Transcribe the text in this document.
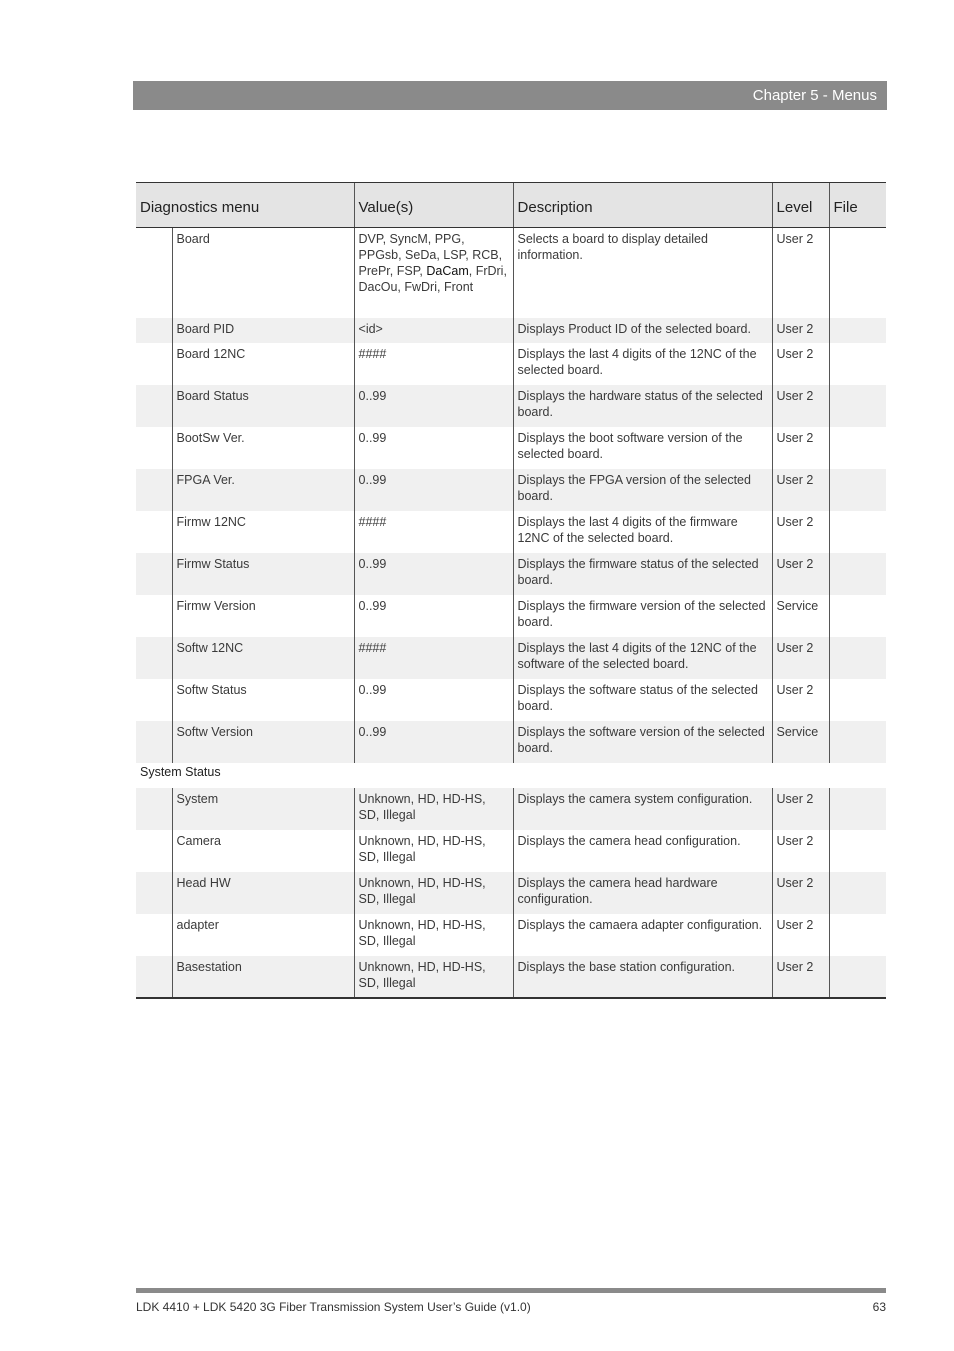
Chapter 5 - Menus
Diagnostics menu		Value(s)	Description	Level	File
	Board	DVP, SyncM, PPG, PPGsb, SeDa, LSP, RCB, PrePr, FSP, DaCam, FrDri, DacOu, FwDri, Front	Selects a board to display detailed information.	User 2	
	Board PID	<id>	Displays Product ID of the selected board.	User 2	
	Board 12NC	####	Displays the last 4 digits of the 12NC of the selected board.	User 2	
	Board Status	0..99	Displays the hardware status of the selected board.	User 2	
	BootSw Ver.	0..99	Displays the boot software version of the selected board.	User 2	
	FPGA Ver.	0..99	Displays the FPGA version of the selected board.	User 2	
	Firmw 12NC	####	Displays the last 4 digits of the firmware 12NC of the selected board.	User 2	
	Firmw Status	0..99	Displays the firmware status of the selected board.	User 2	
	Firmw Version	0..99	Displays the firmware version of the selected board.	Service	
	Softw 12NC	####	Displays the last 4 digits of the 12NC of the software of the selected board.	User 2	
	Softw Status	0..99	Displays the software status of the selected board.	User 2	
	Softw Version	0..99	Displays the software version of the selected board.	Service	
System Status					
	System	Unknown, HD, HD-HS, SD, Illegal	Displays the camera system configuration.	User 2	
	Camera	Unknown, HD, HD-HS, SD, Illegal	Displays the camera head configuration.	User 2	
	Head HW	Unknown, HD, HD-HS, SD, Illegal	Displays the camera head hardware configuration.	User 2	
	adapter	Unknown, HD, HD-HS, SD, Illegal	Displays the camaera adapter configuration.	User 2	
	Basestation	Unknown, HD, HD-HS, SD, Illegal	Displays the base station configuration.	User 2	
LDK 4410 + LDK 5420 3G Fiber Transmission System User’s Guide (v1.0)	63
